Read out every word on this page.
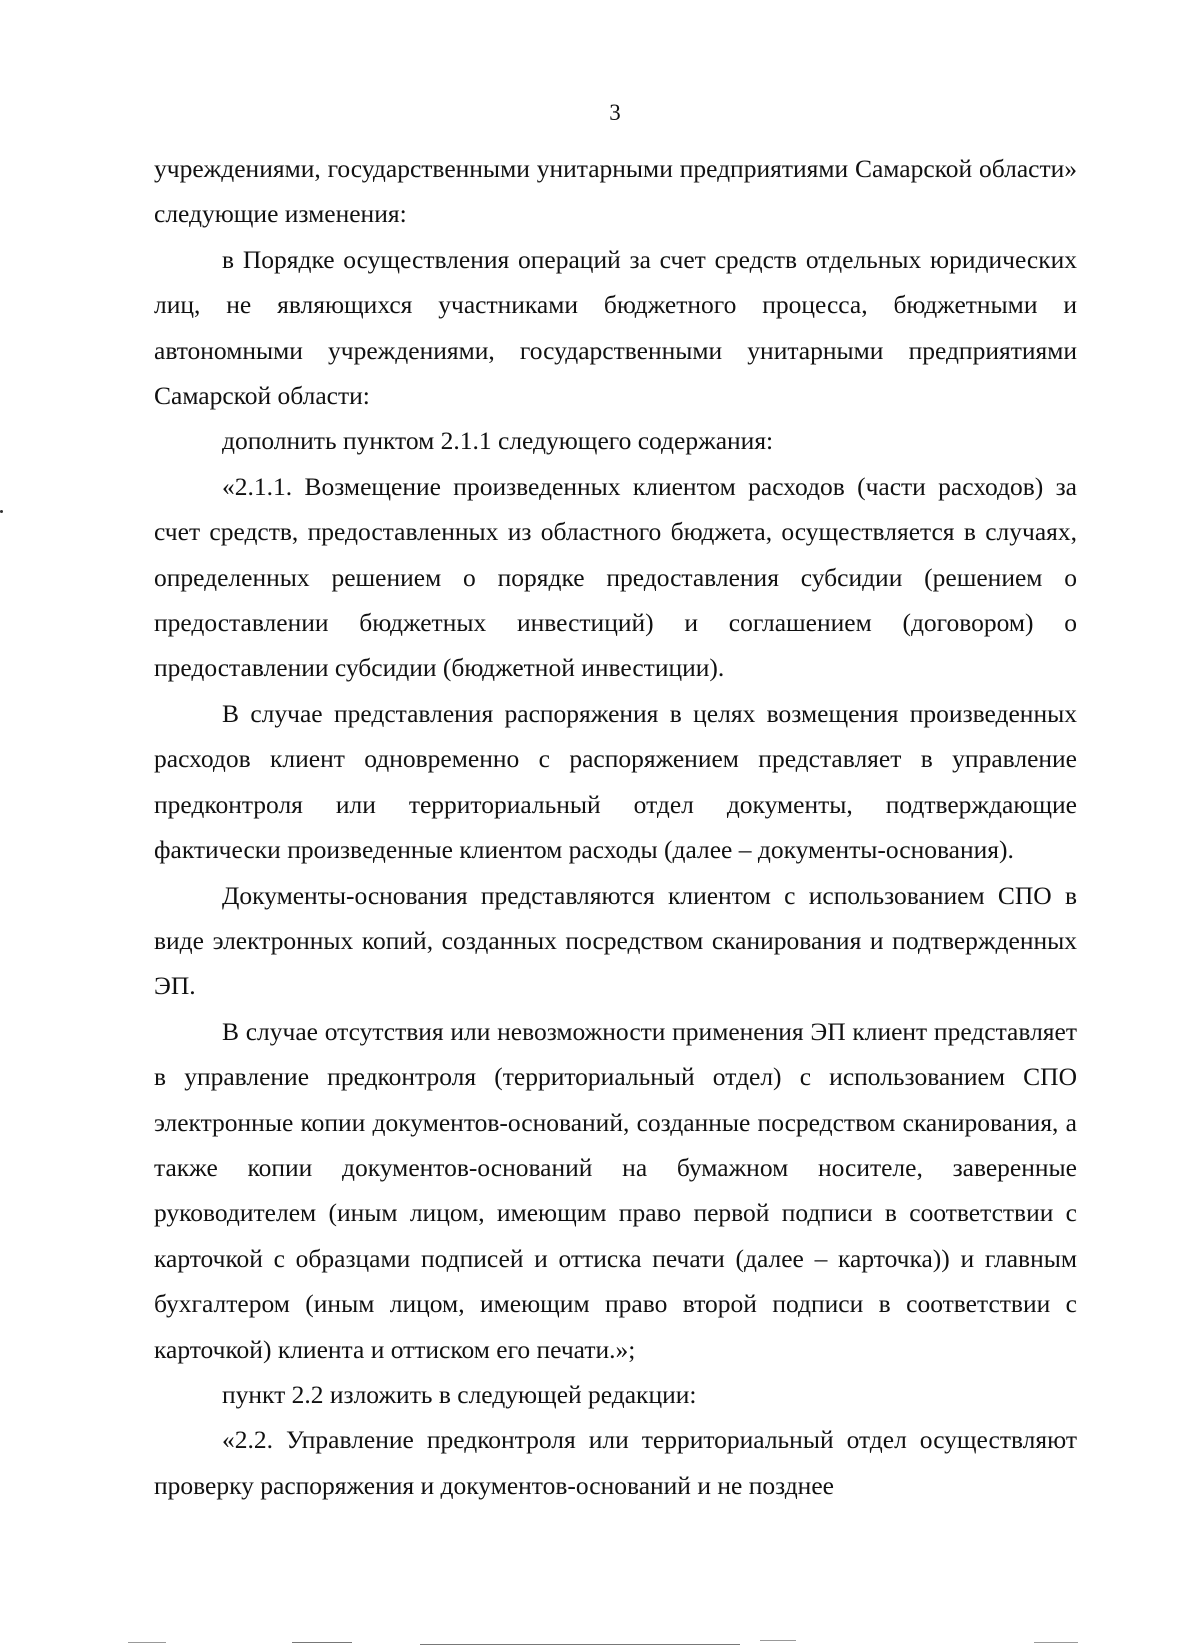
3

учреждениями, государственными унитарными предприятиями Самарской области» следующие изменения:

в Порядке осуществления операций за счет средств отдельных юридических лиц, не являющихся участниками бюджетного процесса, бюджетными и автономными учреждениями, государственными унитарными предприятиями Самарской области:

дополнить пунктом 2.1.1 следующего содержания:

«2.1.1. Возмещение произведенных клиентом расходов (части расходов) за счет средств, предоставленных из областного бюджета, осуществляется в случаях, определенных решением о порядке предоставления субсидии (решением о предоставлении бюджетных инвестиций) и соглашением (договором) о предоставлении субсидии (бюджетной инвестиции).

В случае представления распоряжения в целях возмещения произведенных расходов клиент одновременно с распоряжением представляет в управление предконтроля или территориальный отдел документы, подтверждающие фактически произведенные клиентом расходы (далее – документы-основания).

Документы-основания представляются клиентом с использованием СПО в виде электронных копий, созданных посредством сканирования и подтвержденных ЭП.

В случае отсутствия или невозможности применения ЭП клиент представляет в управление предконтроля (территориальный отдел) с использованием СПО электронные копии документов-оснований, созданные посредством сканирования, а также копии документов-оснований на бумажном носителе, заверенные руководителем (иным лицом, имеющим право первой подписи в соответствии с карточкой с образцами подписей и оттиска печати (далее – карточка)) и главным бухгалтером (иным лицом, имеющим право второй подписи в соответствии с карточкой) клиента и оттиском его печати.»;

пункт 2.2 изложить в следующей редакции:

«2.2. Управление предконтроля или территориальный отдел осуществляют проверку распоряжения и документов-оснований и не позднее
